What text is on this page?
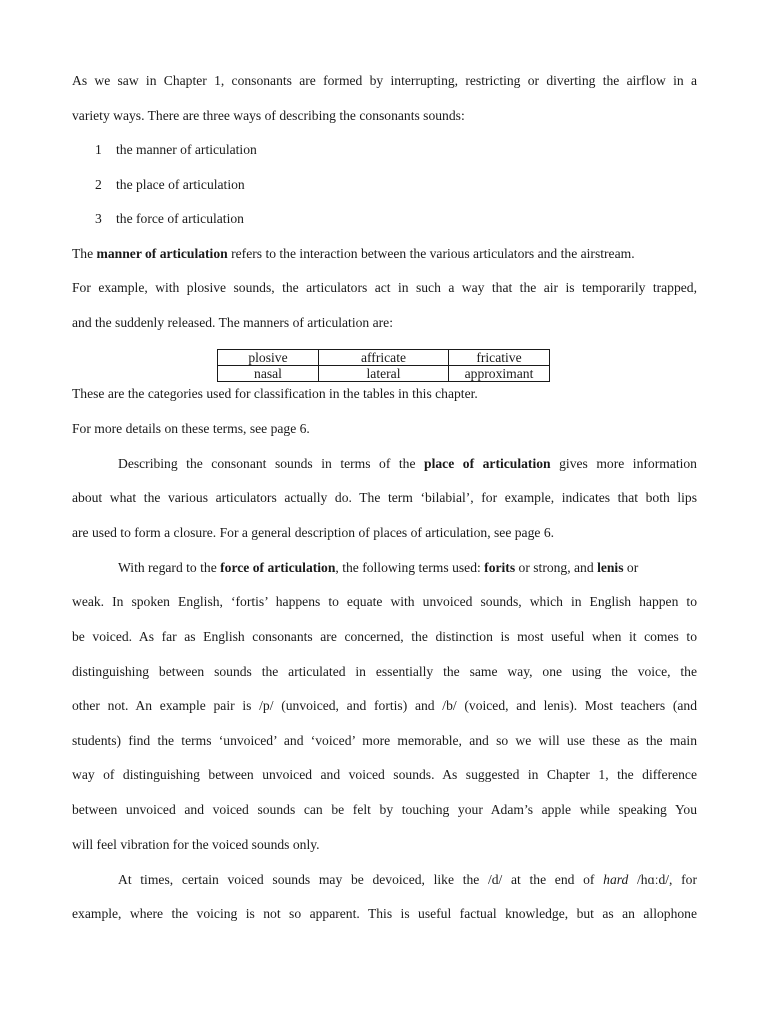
As we saw in Chapter 1, consonants are formed by interrupting, restricting or diverting the airflow in a
variety ways. There are three ways of describing the consonants sounds:
1 the manner of articulation
2 the place of articulation
3 the force of articulation
The manner of articulation refers to the interaction between the various articulators and the airstream.
For example, with plosive sounds, the articulators act in such a way that the air is temporarily trapped,
and the suddenly released. The manners of articulation are:
plosive	affricate	fricative
nasal	lateral	approximant
These are the categories used for classification in the tables in this chapter.
For more details on these terms, see page 6.
Describing the consonant sounds in terms of the place of articulation gives more information
about what the various articulators actually do. The term ‘bilabial’, for example, indicates that both lips
are used to form a closure. For a general description of places of articulation, see page 6.
With regard to the force of articulation, the following terms used: forits or strong, and lenis or
weak. In spoken English, ‘fortis’ happens to equate with unvoiced sounds, which in English happen to
be voiced. As far as English consonants are concerned, the distinction is most useful when it comes to
distinguishing between sounds the articulated in essentially the same way, one using the voice, the
other not. An example pair is /p/ (unvoiced, and fortis) and /b/ (voiced, and lenis). Most teachers (and
students) find the terms ‘unvoiced’ and ‘voiced’ more memorable, and so we will use these as the main
way of distinguishing between unvoiced and voiced sounds. As suggested in Chapter 1, the difference
between unvoiced and voiced sounds can be felt by touching your Adam’s apple while speaking You
will feel vibration for the voiced sounds only.
At times, certain voiced sounds may be devoiced, like the /d/ at the end of hard /hɑːd/, for
example, where the voicing is not so apparent. This is useful factual knowledge, but as an allophone
